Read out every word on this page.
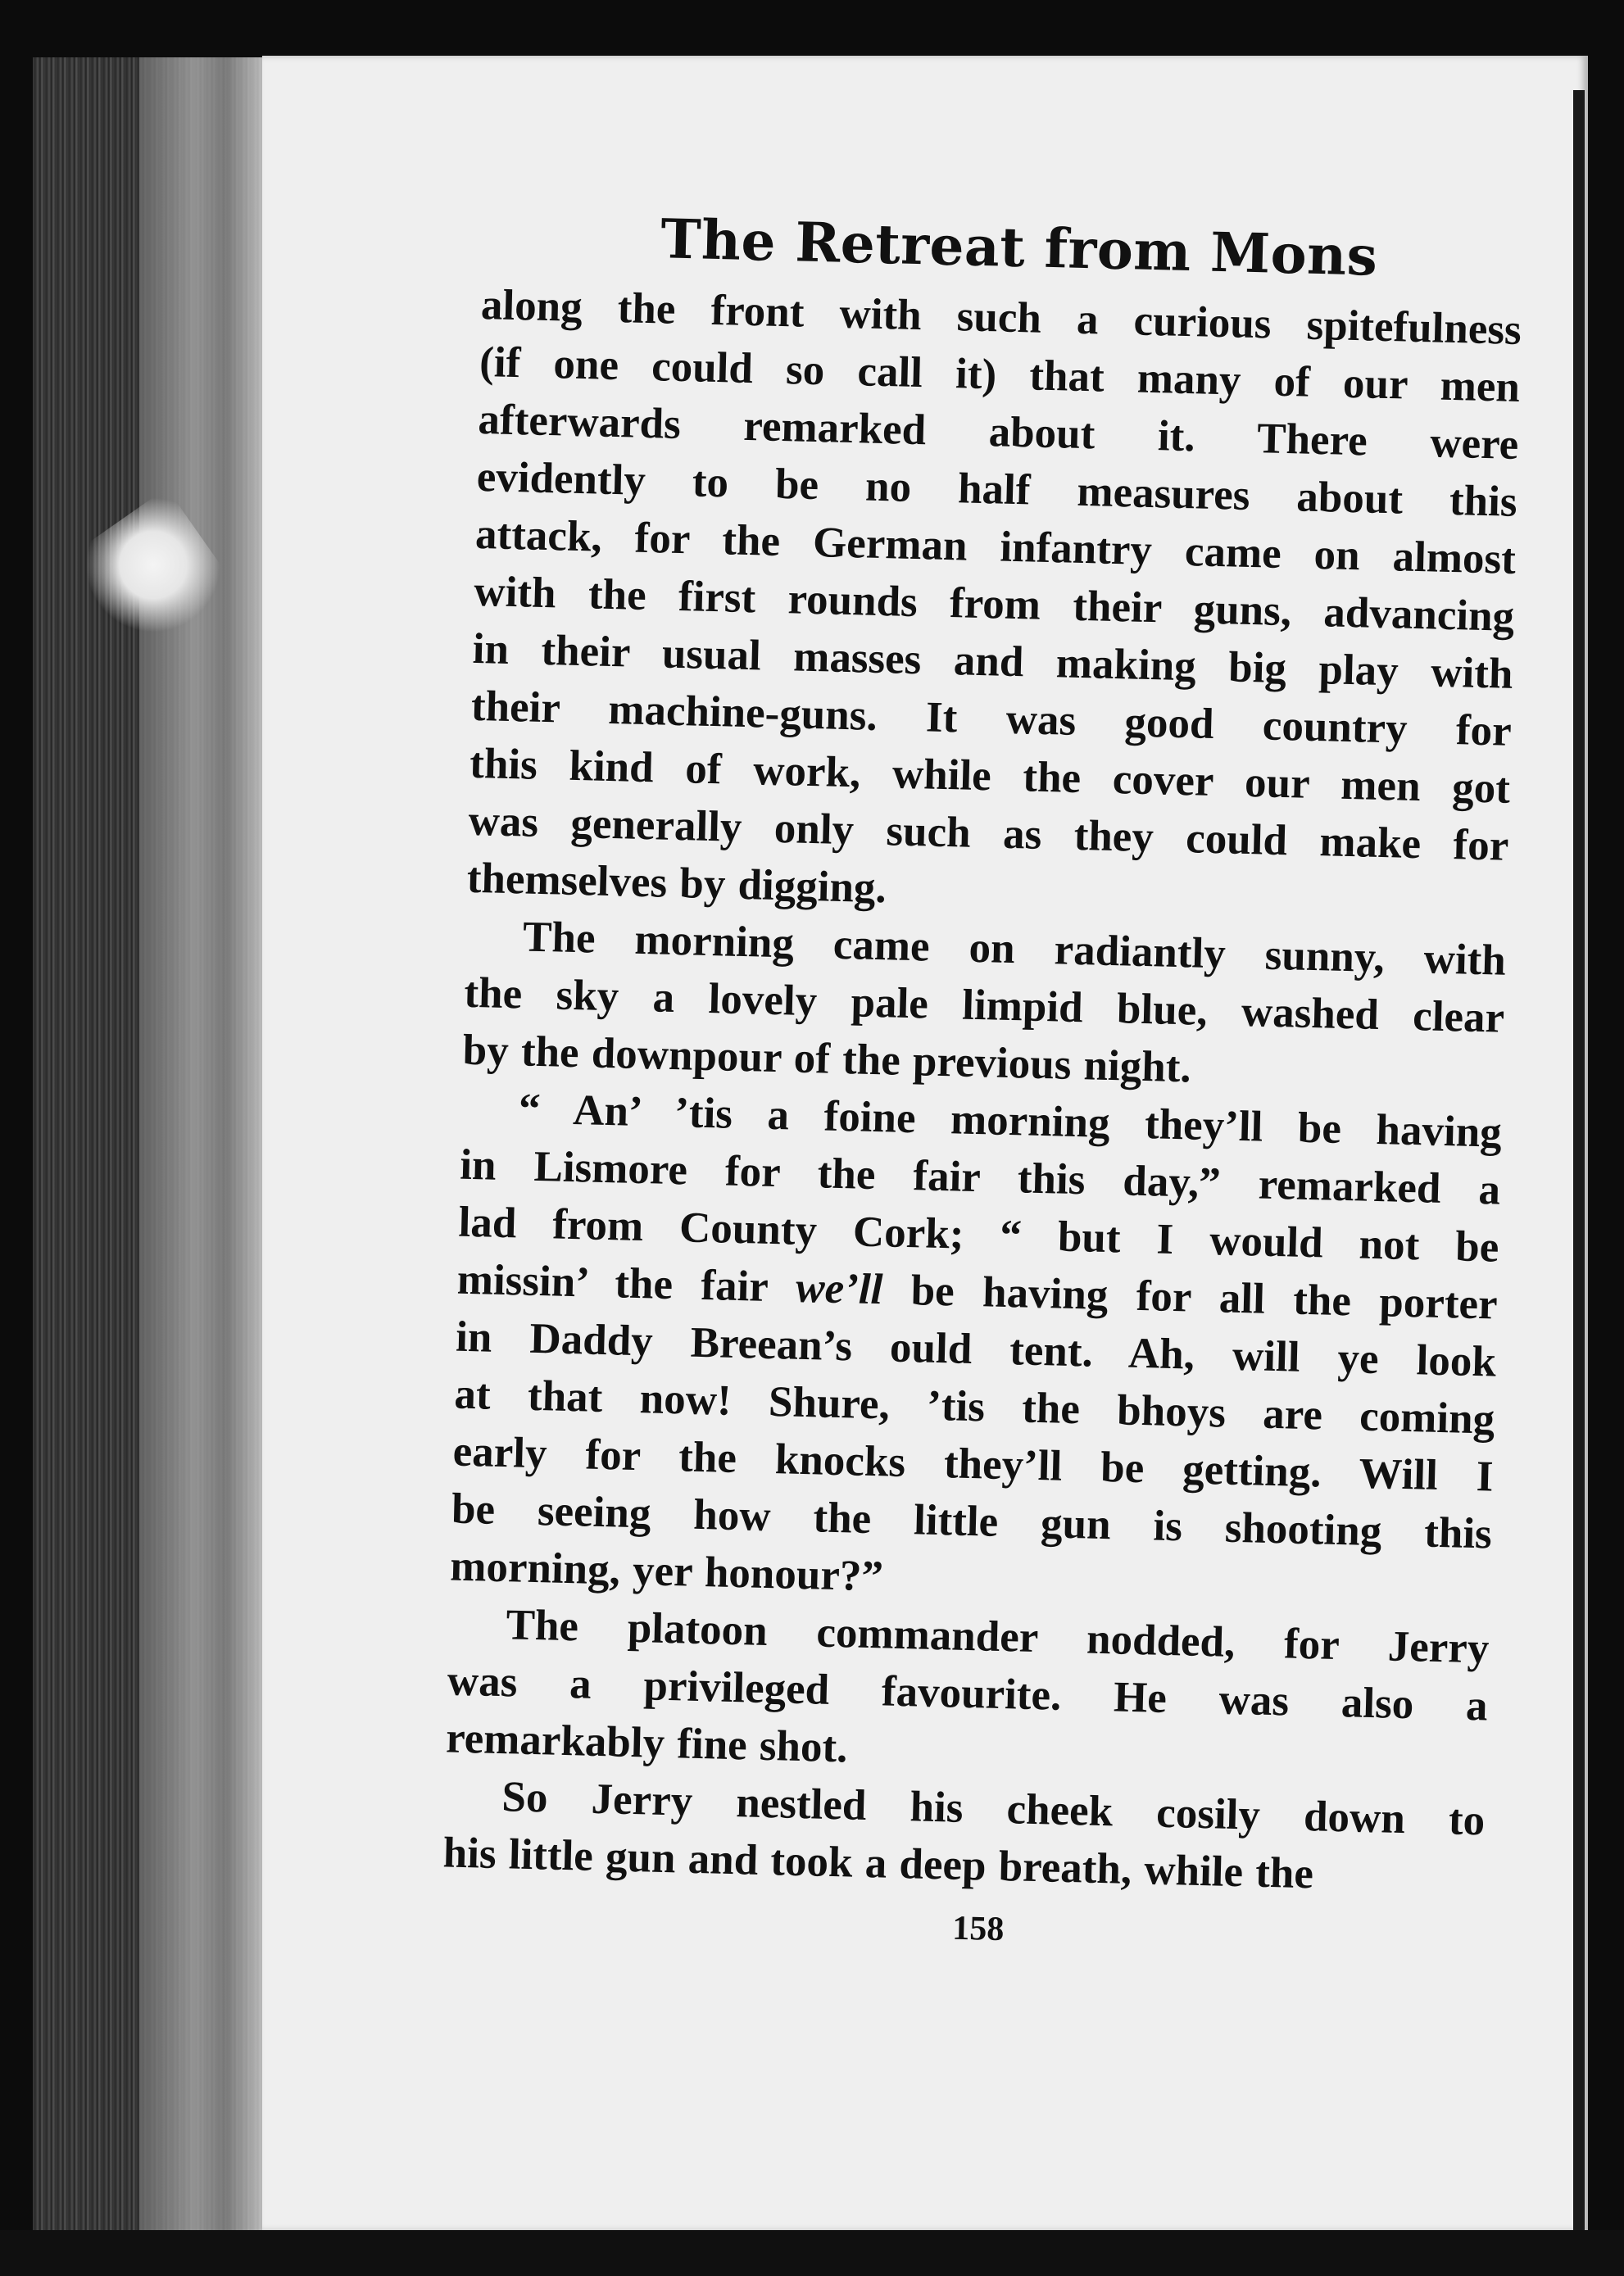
The Retreat from Mons
along the front with such a curious spitefulness
(if one could so call it) that many of our men
afterwards remarked about it. There were
evidently to be no half measures about this
attack, for the German infantry came on almost
with the first rounds from their guns, advancing
in their usual masses and making big play with
their machine-guns. It was good country for
this kind of work, while the cover our men got
was generally only such as they could make for
themselves by digging.
The morning came on radiantly sunny, with
the sky a lovely pale limpid blue, washed clear
by the downpour of the previous night.
“ An’ ’tis a foine morning they’ll be having
in Lismore for the fair this day,” remarked a
lad from County Cork; “ but I would not be
missin’ the fair we’ll be having for all the porter
in Daddy Breean’s ould tent. Ah, will ye look
at that now! Shure, ’tis the bhoys are coming
early for the knocks they’ll be getting. Will I
be seeing how the little gun is shooting this
morning, yer honour?”
The platoon commander nodded, for Jerry
was a privileged favourite. He was also a
remarkably fine shot.
So Jerry nestled his cheek cosily down to
his little gun and took a deep breath, while the
158
